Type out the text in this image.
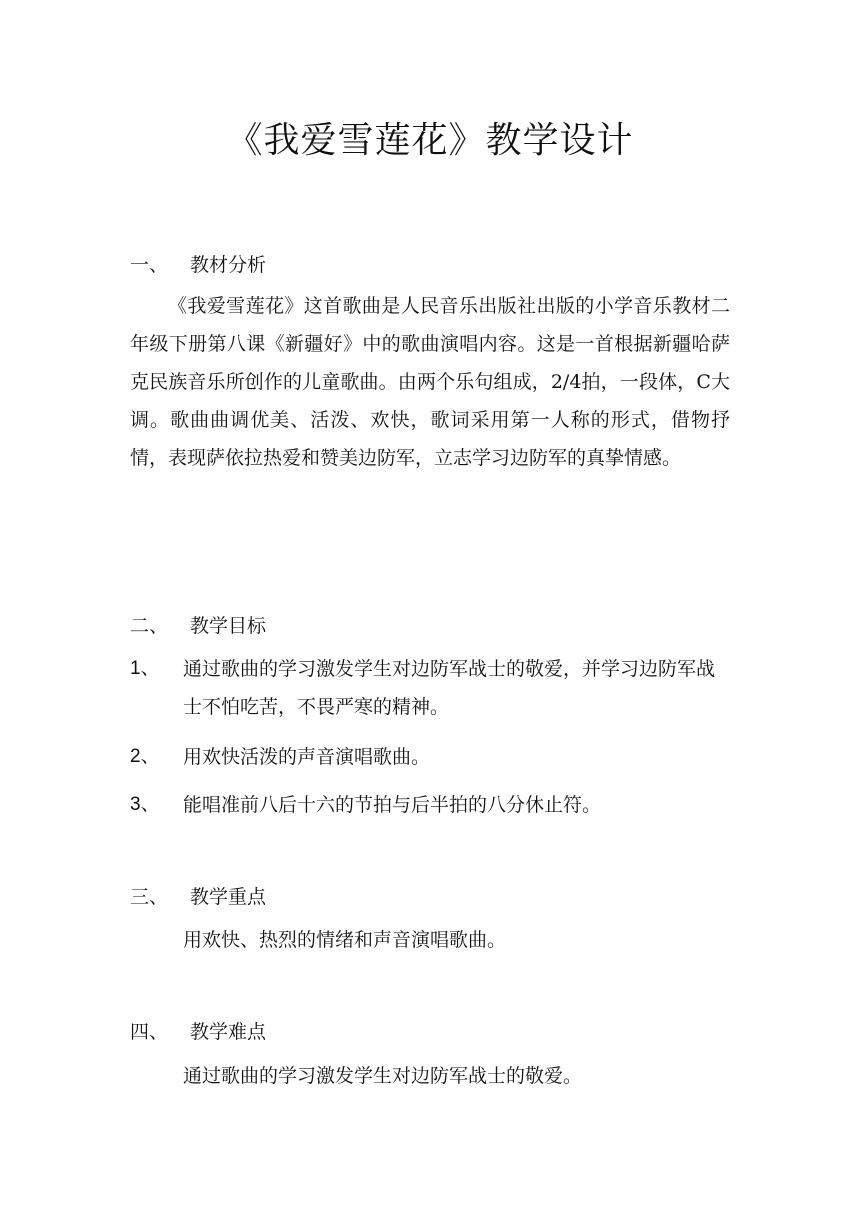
《我爱雪莲花》教学设计
一、 教材分析

《我爱雪莲花》这首歌曲是人民音乐出版社出版的小学音乐教材二年级下册第八课《新疆好》中的歌曲演唱内容。这是一首根据新疆哈萨克民族音乐所创作的儿童歌曲。由两个乐句组成，2/4拍，一段体，C大调。歌曲曲调优美、活泼、欢快，歌词采用第一人称的形式，借物抒情，表现萨依拉热爱和赞美边防军，立志学习边防军的真挚情感。

二、 教学目标
1、	通过歌曲的学习激发学生对边防军战士的敬爱，并学习边防军战士不怕吃苦，不畏严寒的精神。
2、	用欢快活泼的声音演唱歌曲。
3、	能唱准前八后十六的节拍与后半拍的八分休止符。
三、 教学重点
用欢快、热烈的情绪和声音演唱歌曲。
四、 教学难点
通过歌曲的学习激发学生对边防军战士的敬爱。
